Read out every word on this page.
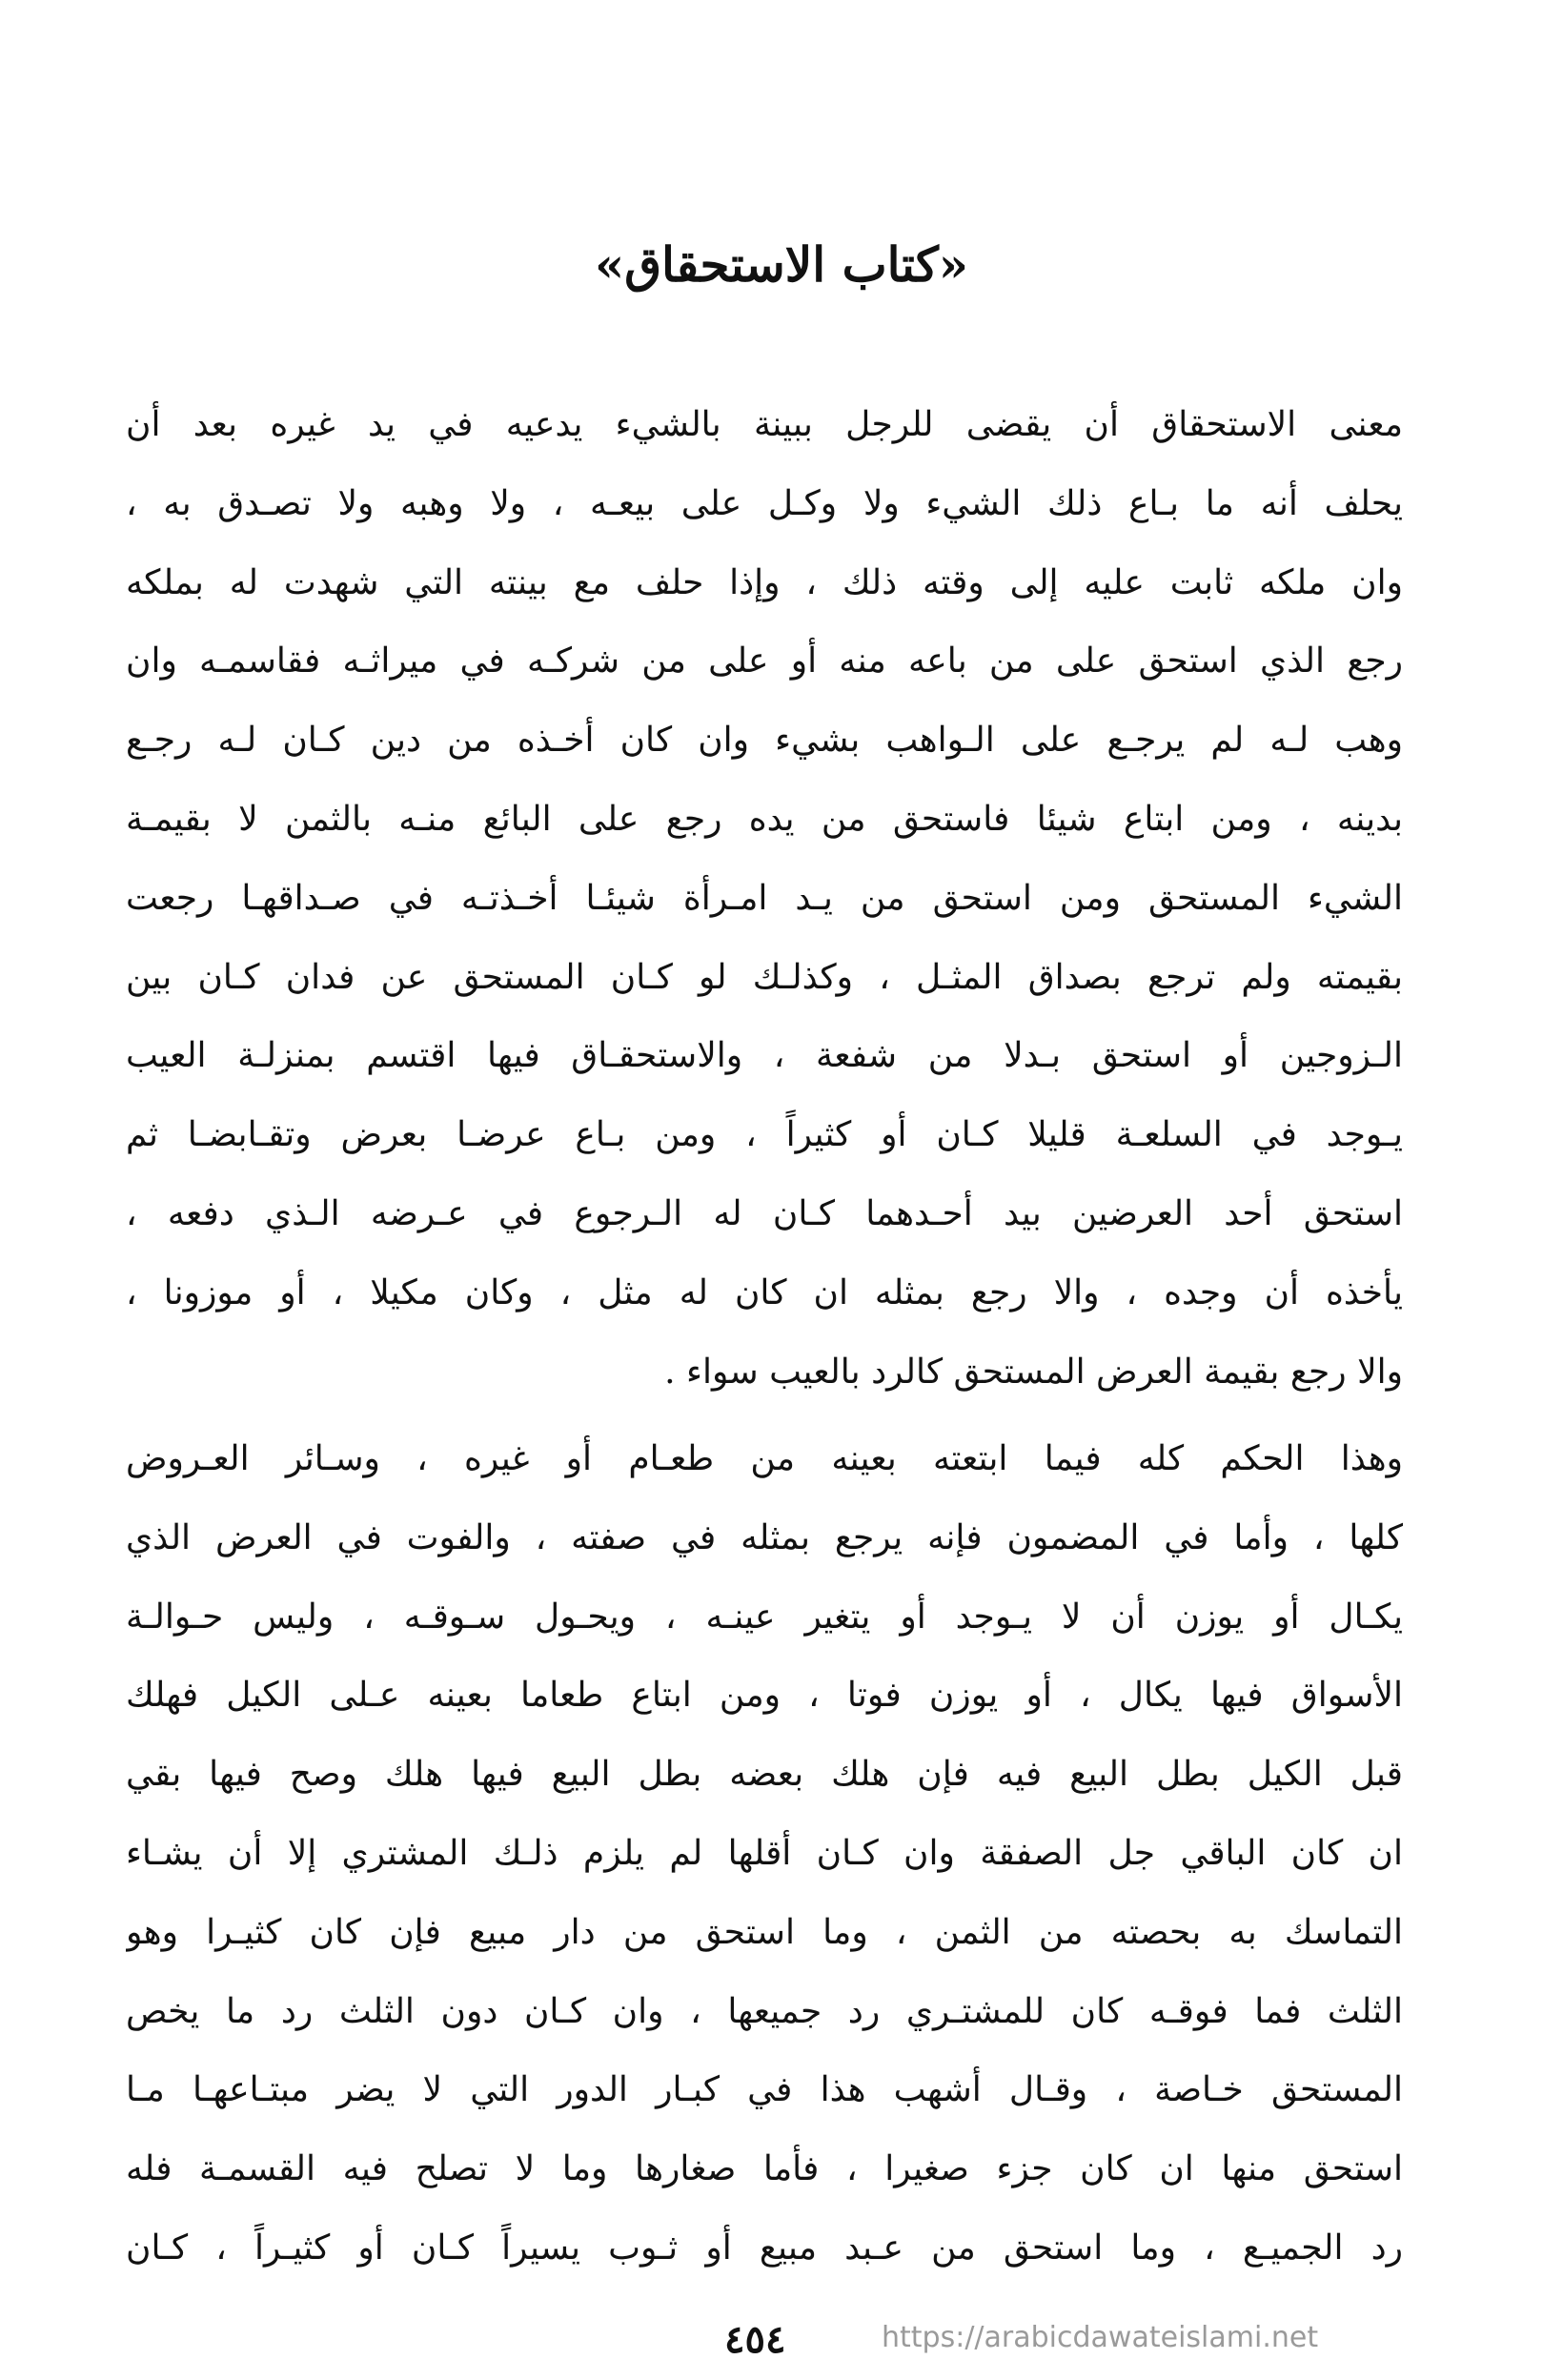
«كتاب الاستحقاق»
معنى الاستحقاق أن يقضى للرجل ببينة بالشيء يدعيه في يد غيره بعد أن
يحلف أنه ما بـاع ذلك الشيء ولا وكـل على بيعـه ، ولا وهبه ولا تصـدق به ،
وان ملكه ثابت عليه إلى وقته ذلك ، وإذا حلف مع بينته التي شهدت له بملكه
رجع الذي استحق على من باعه منه أو على من شركـه في ميراثـه فقاسمـه وان
وهب لـه لم يرجـع على الـواهب بشيء وان كان أخـذه من دين كـان لـه رجـع
بدينه ، ومن ابتاع شيئا فاستحق من يده رجع على البائع منـه بالثمن لا بقيمـة
الشيء المستحق ومن استحق من يـد امـرأة شيئـا أخـذتـه في صـداقهـا رجعت
بقيمته ولم ترجع بصداق المثـل ، وكذلـك لو كـان المستحق عن فدان كـان بين
الـزوجين أو استحق بـدلا من شفعة ، والاستحقـاق فيها اقتسم بمنزلـة العيب
يـوجد في السلعـة قليلا كـان أو كثيراً ، ومن بـاع عرضـا بعرض وتقـابضـا ثم
استحق أحد العرضين بيد أحـدهما كـان له الـرجوع في عـرضه الـذي دفعه ،
يأخذه أن وجده ، والا رجع بمثله ان كان له مثل ، وكان مكيلا ، أو موزونا ،
والا رجع بقيمة العرض المستحق كالرد بالعيب سواء .
وهذا الحكم كله فيما ابتعته بعينه من طعـام أو غيره ، وسـائر العـروض
كلها ، وأما في المضمون فإنه يرجع بمثله في صفته ، والفوت في العرض الذي
يكـال أو يوزن أن لا يـوجد أو يتغير عينـه ، ويحـول سـوقـه ، وليس حـوالـة
الأسواق فيها يكال ، أو يوزن فوتا ، ومن ابتاع طعاما بعينه عـلى الكيل فهلك
قبل الكيل بطل البيع فيه فإن هلك بعضه بطل البيع فيها هلك وصح فيها بقي
ان كان الباقي جل الصفقة وان كـان أقلها لم يلزم ذلـك المشتري إلا أن يشـاء
التماسك به بحصته من الثمن ، وما استحق من دار مبيع فإن كان كثيـرا وهو
الثلث فما فوقـه كان للمشتـري رد جميعها ، وان كـان دون الثلث رد ما يخص
المستحق خـاصة ، وقـال أشهب هذا في كبـار الدور التي لا يضر مبتـاعهـا مـا
استحق منها ان كان جزء صغيرا ، فأما صغارها وما لا تصلح فيه القسمـة فله
رد الجميـع ، وما استحق من عـبد مبيع أو ثـوب يسيراً كـان أو كثيـراً ، كـان
٤٥٤	https://arabicdawateislami.net
